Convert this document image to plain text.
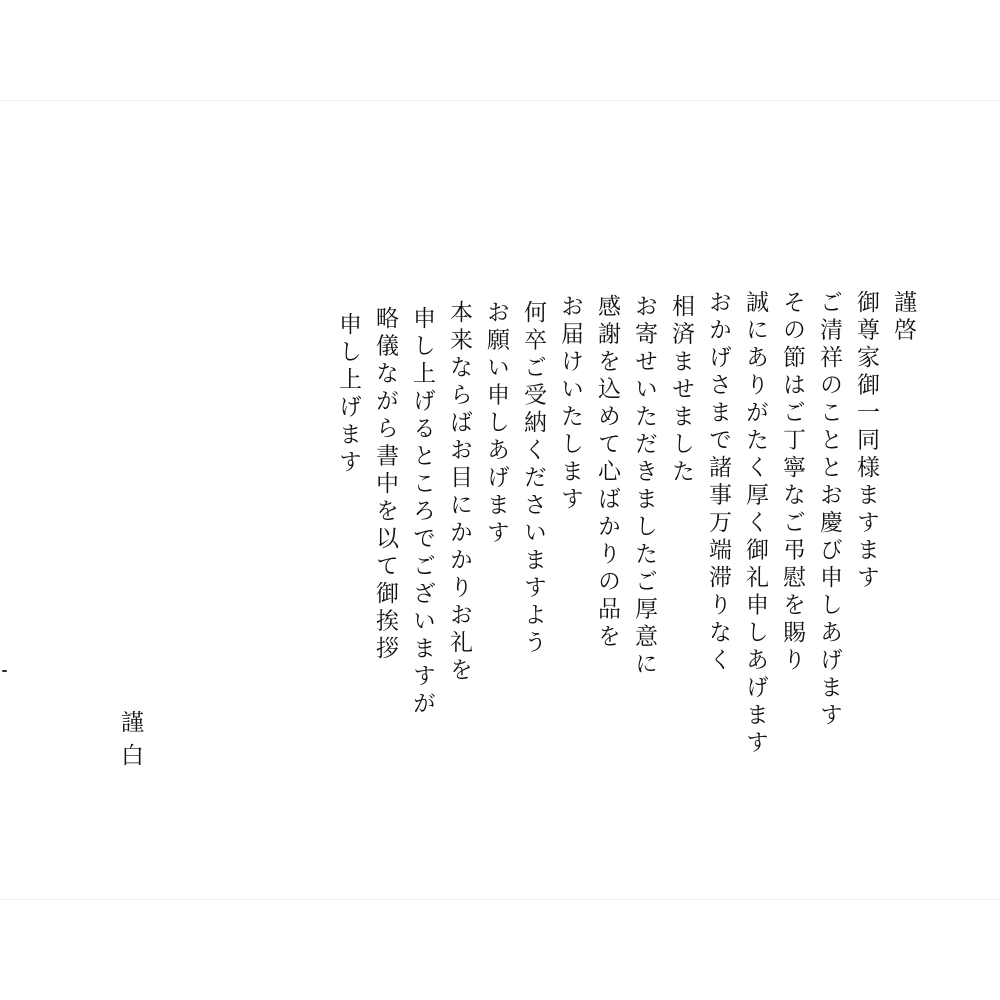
申し上げます 略儀ながら書中を以て御挨拶 申し上げるところでございますが 本来ならばお目にかかりお礼を お願い申しあげます 何卒ご受納くださいますよう お届けいたします 感謝を込めて心ばかりの品を お寄せいただきましたご厚意に 相済ませました おかげさまで諸事万端滞りなく 誠にありがたく厚く御礼申しあげます その節はご丁寧なご弔慰を賜り ご清祥のこととお慶び申しあげます 御尊家御一同様ますます 謹啓
謹白
